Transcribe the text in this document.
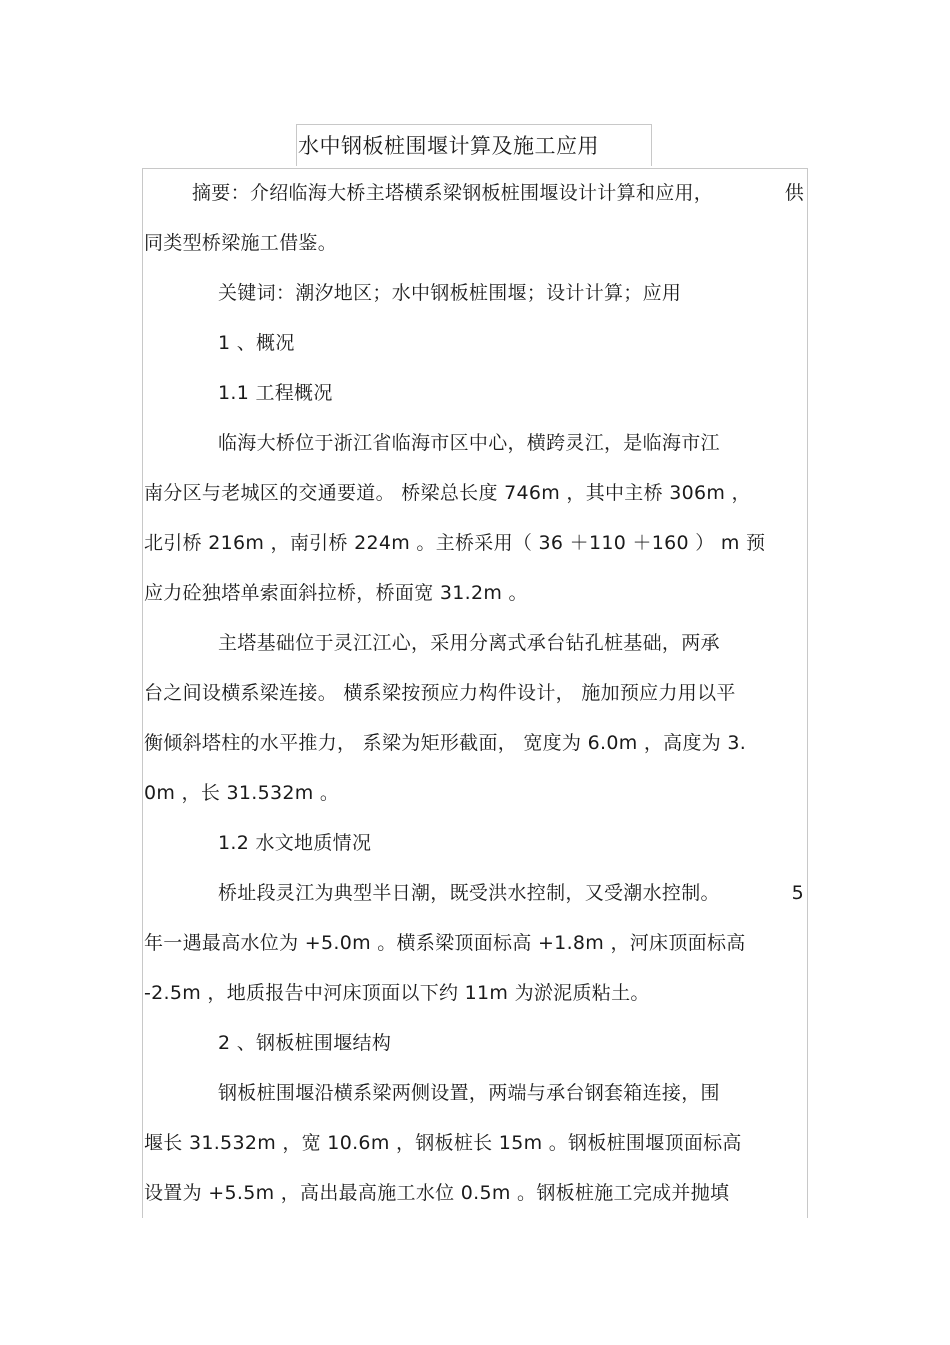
水中钢板桩围堰计算及施工应用
摘要：介绍临海大桥主塔横系梁钢板桩围堰设计计算和应用，	供
同类型桥梁施工借鉴。
关键词：潮汐地区；水中钢板桩围堰；设计计算；应用
1 、概况
1.1 工程概况
临海大桥位于浙江省临海市区中心，横跨灵江，是临海市江
南分区与老城区的交通要道。 桥梁总长度 746m ，其中主桥 306m ，
北引桥 216m ，南引桥 224m 。主桥采用（ 36 ＋110 ＋160 ） m 预
应力砼独塔单索面斜拉桥，桥面宽 31.2m 。
主塔基础位于灵江江心，采用分离式承台钻孔桩基础，两承
台之间设横系梁连接。 横系梁按预应力构件设计， 施加预应力用以平
衡倾斜塔柱的水平推力， 系梁为矩形截面， 宽度为 6.0m ，高度为 3.
0m ，长 31.532m 。
1.2 水文地质情况
桥址段灵江为典型半日潮，既受洪水控制，又受潮水控制。	5
年一遇最高水位为 +5.0m 。横系梁顶面标高 +1.8m ，河床顶面标高
-2.5m ，地质报告中河床顶面以下约 11m 为淤泥质粘土。
2 、钢板桩围堰结构
钢板桩围堰沿横系梁两侧设置，两端与承台钢套箱连接，围
堰长 31.532m ，宽 10.6m ，钢板桩长 15m 。钢板桩围堰顶面标高
设置为 +5.5m ，高出最高施工水位 0.5m 。钢板桩施工完成并抛填
